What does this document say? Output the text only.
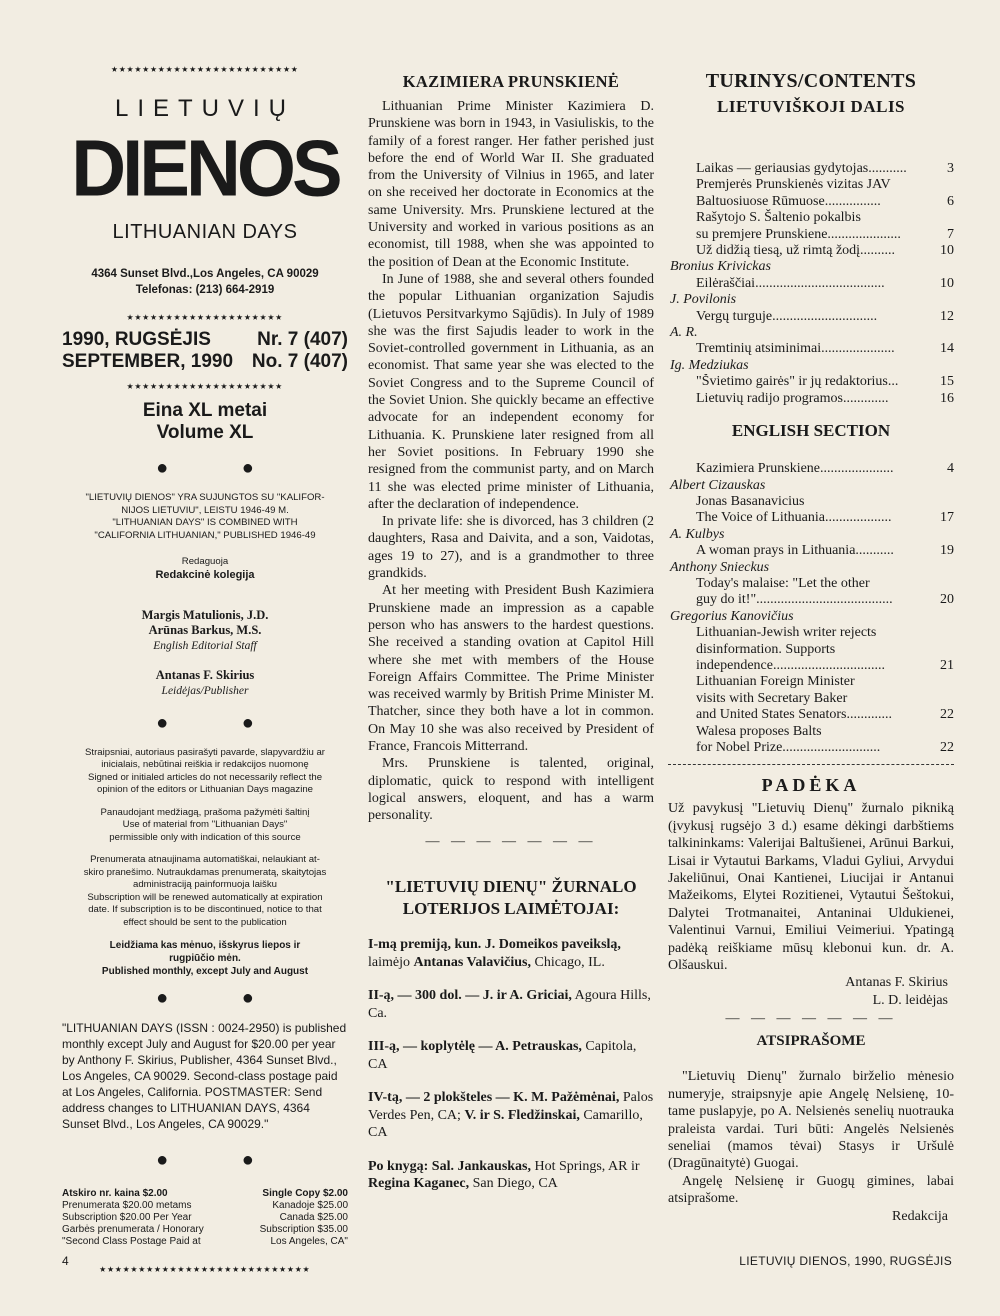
★★★★★★★★★★★★★★★★★★★★★★★★
LIETUVIŲ
DIENOS
LITHUANIAN DAYS
4364 Sunset Blvd.,Los Angeles, CA 90029
Telefonas: (213) 664-2919
★★★★★★★★★★★★★★★★★★★★
1990, RUGSĖJIS Nr. 7 (407)
SEPTEMBER, 1990 No. 7 (407)
★★★★★★★★★★★★★★★★★★★★
Eina XL metai
Volume XL
● ●
"LIETUVIŲ DIENOS" YRA SUJUNGTOS SU "KALIFOR-
NIJOS LIETUVIU", LEISTU 1946-49 M.
"LITHUANIAN DAYS" IS COMBINED WITH
"CALIFORNIA LITHUANIAN," PUBLISHED 1946-49
Redaguoja
Redakcinė kolegija
Margis Matulionis, J.D.
Arūnas Barkus, M.S.
English Editorial Staff
Antanas F. Skirius
Leidėjas/Publisher
● ●
Straipsniai, autoriaus pasirašyti pavarde, slapyvardžiu ar
inicialais, nebūtinai reiškia ir redakcijos nuomonę
Signed or initialed articles do not necessarily reflect the
opinion of the editors or Lithuanian Days magazine
Panaudojant medžiagą, prašoma pažymėti šaltinį
Use of material from "Lithuanian Days"
permissible only with indication of this source
Prenumerata atnaujinama automatiškai, nelaukiant at-
skiro pranešimo. Nutraukdamas prenumeratą, skaitytojas
administraciją painformuoja laišku
Subscription will be renewed automatically at expiration
date. If subscription is to be discontinued, notice to that
effect should be sent to the publication
Leidžiama kas mėnuo, išskyrus liepos ir
rugpiūčio mėn.
Published monthly, except July and August
● ●
"LITHUANIAN DAYS (ISSN : 0024-2950) is published monthly except July and August for $20.00 per year by Anthony F. Skirius, Publisher, 4364 Sunset Blvd., Los Angeles, CA 90029. Second-class postage paid at Los Angeles, California. POSTMASTER: Send address changes to LITHUANIAN DAYS, 4364 Sunset Blvd., Los Angeles, CA 90029."
● ●
Atskiro nr. kaina $2.00	Single Copy $2.00
Prenumerata $20.00 metams	Kanadoje $25.00
Subscription $20.00 Per Year	Canada $25.00
Garbės prenumerata / Honorary	Subscription $35.00
"Second Class Postage Paid at	Los Angeles, CA"
★★★★★★★★★★★★★★★★★★★★★★★★★★★
KAZIMIERA PRUNSKIENĖ

Lithuanian Prime Minister Kazimiera D. Prunskiene was born in 1943, in Vasiuliskis, to the family of a forest ranger. Her father perished just before the end of World War II. She graduated from the University of Vilnius in 1965, and later on she received her doctorate in Economics at the same University. Mrs. Prunskiene lectured at the University and worked in various positions as an economist, till 1988, when she was appointed to the position of Dean at the Economic Institute.

In June of 1988, she and several others founded the popular Lithuanian organization Sajudis (Lietuvos Persitvarkymo Sąjūdis). In July of 1989 she was the first Sajudis leader to work in the Soviet-controlled government in Lithuania, as an economist. That same year she was elected to the Soviet Congress and to the Supreme Council of the Soviet Union. She quickly became an effective advocate for an independent economy for Lithuania. K. Prunskiene later resigned from all her Soviet positions. In February 1990 she resigned from the communist party, and on March 11 she was elected prime minister of Lithuania, after the declaration of independence.

In private life: she is divorced, has 3 children (2 daughters, Rasa and Daivita, and a son, Vaidotas, ages 19 to 27), and is a grandmother to three grandkids.

At her meeting with President Bush Kazimiera Prunskiene made an impression as a capable person who has answers to the hardest questions. She received a standing ovation at Capitol Hill where she met with members of the House Foreign Affairs Committee. The Prime Minister was received warmly by British Prime Minister M. Thatcher, since they both have a lot in common. On May 10 she was also received by President of France, Francois Mitterrand.

Mrs. Prunskiene is talented, original, diplomatic, quick to respond with intelligent logical answers, eloquent, and has a warm personality.

— — — — — — —
"LIETUVIŲ DIENŲ" ŽURNALO
LOTERIJOS LAIMĖTOJAI:
I-mą premiją, kun. J. Domeikos paveikslą, laimėjo Antanas Valavičius, Chicago, IL.
II-ą, — 300 dol. — J. ir A. Griciai, Agoura Hills, Ca.
III-ą, — koplytėlę — A. Petrauskas, Capitola, CA
IV-tą, — 2 plokšteles — K. M. Pažėmėnai, Palos Verdes Pen, CA; V. ir S. Fledžinskai, Camarillo, CA
Po knygą: Sal. Jankauskas, Hot Springs, AR ir Regina Kaganec, San Diego, CA
TURINYS/CONTENTS
LIETUVIŠKOJI DALIS
Laikas — geriausias gydytojas...........	3
Premjerės Prunskienės vizitas JAV
Baltuosiuose Rūmuose................	6
Rašytojo S. Šaltenio pokalbis
su premjere Prunskiene.....................	7
Už didžią tiesą, už rimtą žodį..........	10
Bronius Krivickas
Eilėraščiai.....................................	10
J. Povilonis
Vergų turguje..............................	12
A. R.
Tremtinių atsiminimai.....................	14
Ig. Medziukas
"Švietimo gairės" ir jų redaktorius...	15
Lietuvių radijo programos.............	16
ENGLISH SECTION
Kazimiera Prunskiene.....................	4
Albert Cizauskas
Jonas Basanavicius
The Voice of Lithuania...................	17
A. Kulbys
A woman prays in Lithuania...........	19
Anthony Snieckus
Today's malaise: "Let the other
guy do it!".......................................	20
Gregorius Kanovičius
Lithuanian-Jewish writer rejects
disinformation. Supports
independence................................	21
Lithuanian Foreign Minister
visits with Secretary Baker
and United States Senators.............	22
Walesa proposes Balts
for Nobel Prize............................	22
PADĖKA

Už pavykusį "Lietuvių Dienų" žurnalo pikniką (įvykusį rugsėjo 3 d.) esame dėkingi darbštiems talkininkams: Valerijai Baltušienei, Arūnui Barkui, Lisai ir Vytautui Barkams, Vladui Gyliui, Arvydui Jakeliūnui, Onai Kantienei, Liucijai ir Antanui Mažeikoms, Elytei Rozitienei, Vytautui Šeštokui, Dalytei Trotmanaitei, Antaninai Uldukienei, Valentinui Varnui, Emiliui Veimeriui. Ypatingą padėką reiškiame mūsų klebonui kun. dr. A. Olšauskui.

Antanas F. Skirius
L. D. leidėjas
— — — — — — —
ATSIPRAŠOME

"Lietuvių Dienų" žurnalo birželio mėnesio numeryje, straipsnyje apie Angelę Nelsienę, 10-tame puslapyje, po A. Nelsienės senelių nuotrauka praleista vardai. Turi būti: Angelės Nelsienės seneliai (mamos tėvai) Stasys ir Uršulė (Dragūnaitytė) Guogai.

Angelę Nelsienę ir Guogų gimines, labai atsiprašome.

Redakcija
4	LIETUVIŲ DIENOS, 1990, RUGSĖJIS
